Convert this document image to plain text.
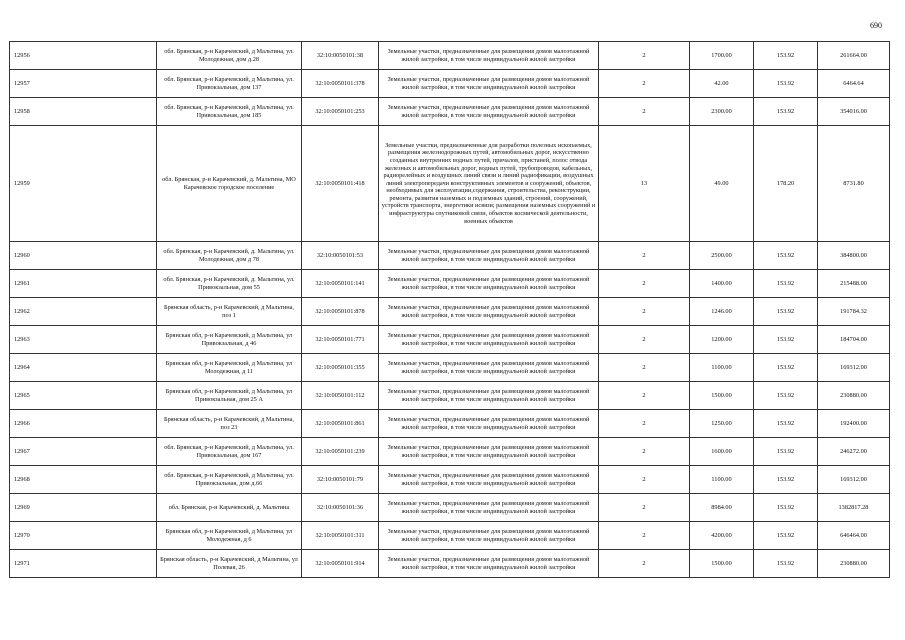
690
12956	обл. Брянская, р-н Карачевский, д Мальтина, ул. Молодежная, дом д.28	32:10:0050101:38	Земельные участки, предназначенные для размещения домов малоэтажной жилой застройки, в том числе индивидуальной жилой застройки	2	1700.00	153.92	261664.00
12957	обл. Брянская, р-н Карачевский, д Мальтина, ул. Привокзальная, дом 137	32:10:0050101:378	Земельные участки, предназначенные для размещения домов малоэтажной жилой застройки, в том числе индивидуальной жилой застройки	2	42.00	153.92	6464.64
12958	обл. Брянская, р-н Карачевский, д Мальтина, ул. Привокзальная, дом 185	32:10:0050101:253	Земельные участки, предназначенные для размещения домов малоэтажной жилой застройки, в том числе индивидуальной жилой застройки	2	2300.00	153.92	354016.00
12959	обл. Брянская, р-н Карачевский, д. Мальтина, МО Карачевское городское поселение	32:10:0050101:418	Земельные участки, предназначенные для разработки полезных ископаемых, размещения железнодорожных путей, автомобильных дорог, искусственно созданных внутренних водных путей, причалов, пристаней, полос отвода железных и автомобильных дорог, водных путей, трубопроводов, кабельных, радиорелейных и воздушных линий связи и линий радиофикации, воздушных линий электропередачи конструктивных элементов и сооружений, объектов, необходимых для эксплуатации,содержания, строительства, реконструкции, ремонта, развития наземных и подземных зданий, строений, сооружений, устройств транспорта, энергетики исвязи; размещения наземных сооружений и инфраструктуры спутниковой связи, объектов космической деятельности, военных объектов	13	49.00	178.20	8731.80
12960	обл. Брянская, р-н Карачевский, д. Мальтина, ул. Молодежная, дом д 78	32:10:0050101:53	Земельные участки, предназначенные для размещения домов малоэтажной жилой застройки, в том числе индивидуальной жилой застройки	2	2500.00	153.92	384800.00
12961	обл. Брянская, р-н Карачевский, д. Мальтина, ул. Привокзальная, дом 55	32:10:0050101:141	Земельные участки, предназначенные для размещения домов малоэтажной жилой застройки, в том числе индивидуальной жилой застройки	2	1400.00	153.92	215488.00
12962	Брянская область, р-н Карачевский, д Мальтина, поз 1	32:10:0050101:878	Земельные участки, предназначенные для размещения домов малоэтажной жилой застройки, в том числе индивидуальной жилой застройки	2	1246.00	153.92	191784.32
12963	Брянская обл, р-н Карачевский, д Мальтина, ул Привокзальная, д 46	32:10:0050101:771	Земельные участки, предназначенные для размещения домов малоэтажной жилой застройки, в том числе индивидуальной жилой застройки	2	1200.00	153.92	184704.00
12964	Брянская обл, р-н Карачевский, д Мальтина, ул Молодежная, д 11	32:10:0050101:355	Земельные участки, предназначенные для размещения домов малоэтажной жилой застройки, в том числе индивидуальной жилой застройки	2	1100.00	153.92	169312.00
12965	Брянская обл, р-н Карачевский, д Мальтина, ул Привокзальная, дом 25 А	32:10:0050101:112	Земельные участки, предназначенные для размещения домов малоэтажной жилой застройки, в том числе индивидуальной жилой застройки	2	1500.00	153.92	230880.00
12966	Брянская область, р-н Карачевский, д Мальтина, поз 23	32:10:0050101:861	Земельные участки, предназначенные для размещения домов малоэтажной жилой застройки, в том числе индивидуальной жилой застройки	2	1250.00	153.92	192400.00
12967	обл. Брянская, р-н Карачевский, д Мальтина, ул. Привокзальная, дом 167	32:10:0050101:239	Земельные участки, предназначенные для размещения домов малоэтажной жилой застройки, в том числе индивидуальной жилой застройки	2	1600.00	153.92	246272.00
12968	обл. Брянская, р-н Карачевский, д Мальтина, ул. Привокзальная, дом д.66	32:10:0050101:79	Земельные участки, предназначенные для размещения домов малоэтажной жилой застройки, в том числе индивидуальной жилой застройки	2	1100.00	153.92	169312.00
12969	обл. Брянская, р-н Карачевский, д. Мальтина	32:10:0050101:36	Земельные участки, предназначенные для размещения домов малоэтажной жилой застройки, в том числе индивидуальной жилой застройки	2	8984.00	153.92	1382817.28
12970	Брянская обл, р-н Карачевский, д Мальтина, ул Молодежная, д 6	32:10:0050101:311	Земельные участки, предназначенные для размещения домов малоэтажной жилой застройки, в том числе индивидуальной жилой застройки	2	4200.00	153.92	646464.00
12971	Брянская область, р-н Карачевский, д Мальтина, ул Полевая, 26	32:10:0050101:914	Земельные участки, предназначенные для размещения домов малоэтажной жилой застройки, в том числе индивидуальной жилой застройки	2	1500.00	153.92	230880.00
